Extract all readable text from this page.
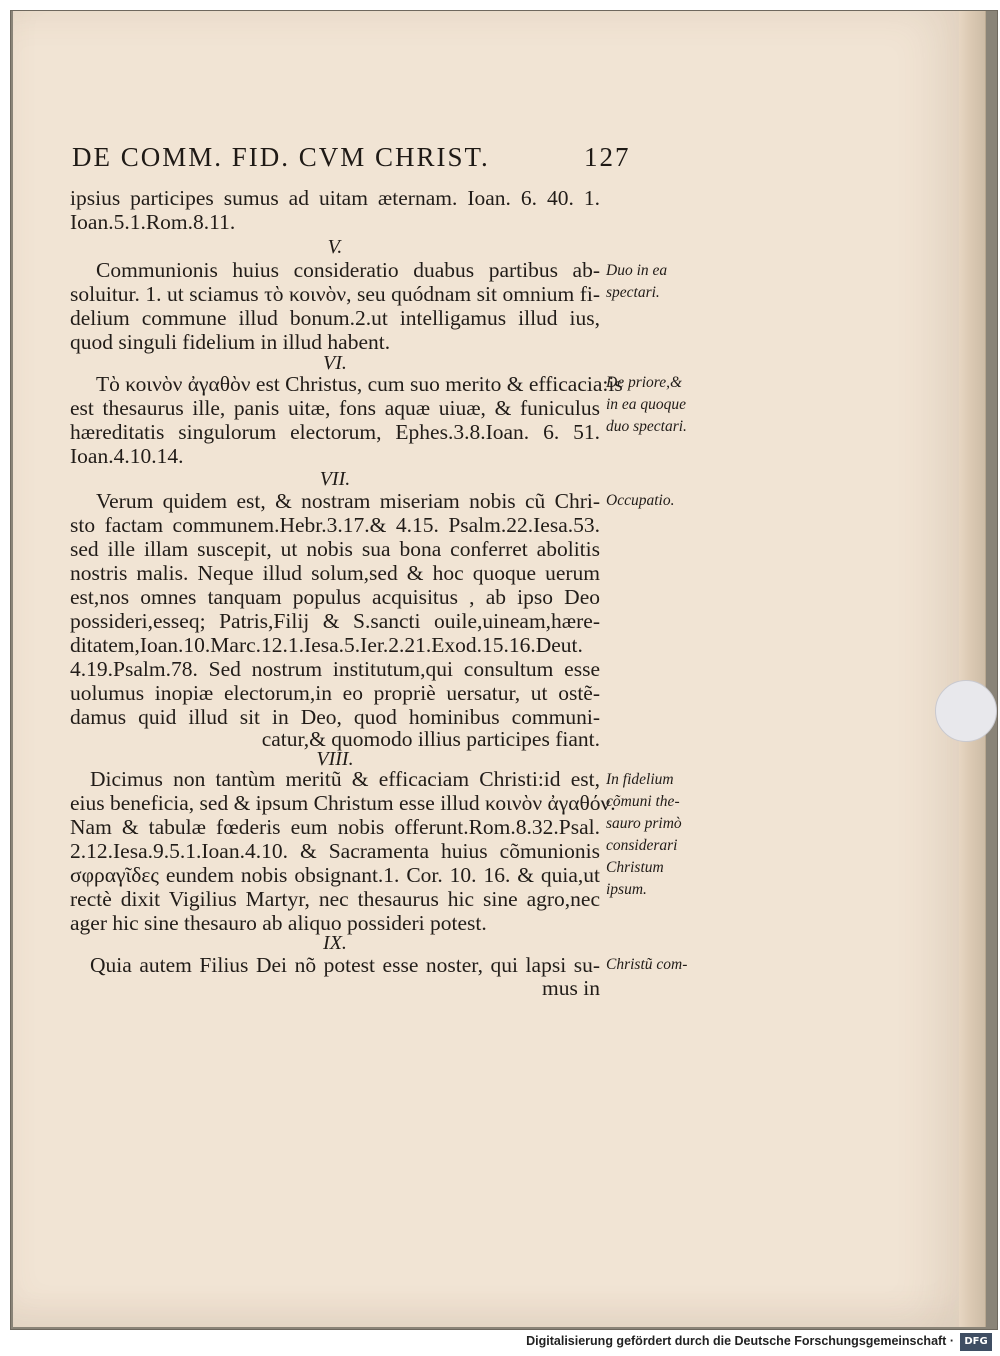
DE COMM. FID. CVM CHRIST.	127
ipsius participes sumus ad uitam æternam. Ioan. 6. 40. 1.
Ioan.5.1.Rom.8.11.
V.
Communionis huius consideratio duabus partibus ab-
soluitur. 1. ut sciamus τὸ κοινὸν, seu quódnam sit omnium fi-
delium commune illud bonum.2.ut intelligamus illud ius,
quod singuli fidelium in illud habent.
VI.
Τὸ κοινὸν ἀγαθὸν est Christus, cum suo merito & efficacia:is
est thesaurus ille, panis uitæ, fons aquæ uiuæ, & funiculus
hæreditatis singulorum electorum, Ephes.3.8.Ioan. 6. 51.
Ioan.4.10.14.
VII.
Verum quidem est, & nostram miseriam nobis cũ Chri-
sto factam communem.Hebr.3.17.& 4.15. Psalm.22.Iesa.53.
sed ille illam suscepit, ut nobis sua bona conferret abolitis
nostris malis. Neque illud solum,sed & hoc quoque uerum
est,nos omnes tanquam populus acquisitus , ab ipso Deo
possideri,esseq; Patris,Filij & S.sancti ouile,uineam,hære-
ditatem,Ioan.10.Marc.12.1.Iesa.5.Ier.2.21.Exod.15.16.Deut.
4.19.Psalm.78. Sed nostrum institutum,qui consultum esse
uolumus inopiæ electorum,in eo propriè uersatur, ut ostẽ-
damus quid illud sit in Deo, quod hominibus communi-
catur,& quomodo illius participes fiant.
VIII.
Dicimus non tantùm meritũ & efficaciam Christi:id est,
eius beneficia, sed & ipsum Christum esse illud κοινὸν ἀγαθόν.
Nam & tabulæ fœderis eum nobis offerunt.Rom.8.32.Psal.
2.12.Iesa.9.5.1.Ioan.4.10. & Sacramenta huius cõmunionis
σφραγῖδες eundem nobis obsignant.1. Cor. 10. 16. & quia,ut
rectè dixit Vigilius Martyr, nec thesaurus hic sine agro,nec
ager hic sine thesauro ab aliquo possideri potest.
IX.
Quia autem Filius Dei nõ potest esse noster, qui lapsi su-
mus in
Duo in ea
spectari.
De priore,&
in ea quoque
duo spectari.
Occupatio.
In fidelium
cõmuni the-
sauro primò
considerari
Christum
ipsum.
Christũ com-
Digitalisierung gefördert durch die Deutsche Forschungsgemeinschaft ·	DFG
